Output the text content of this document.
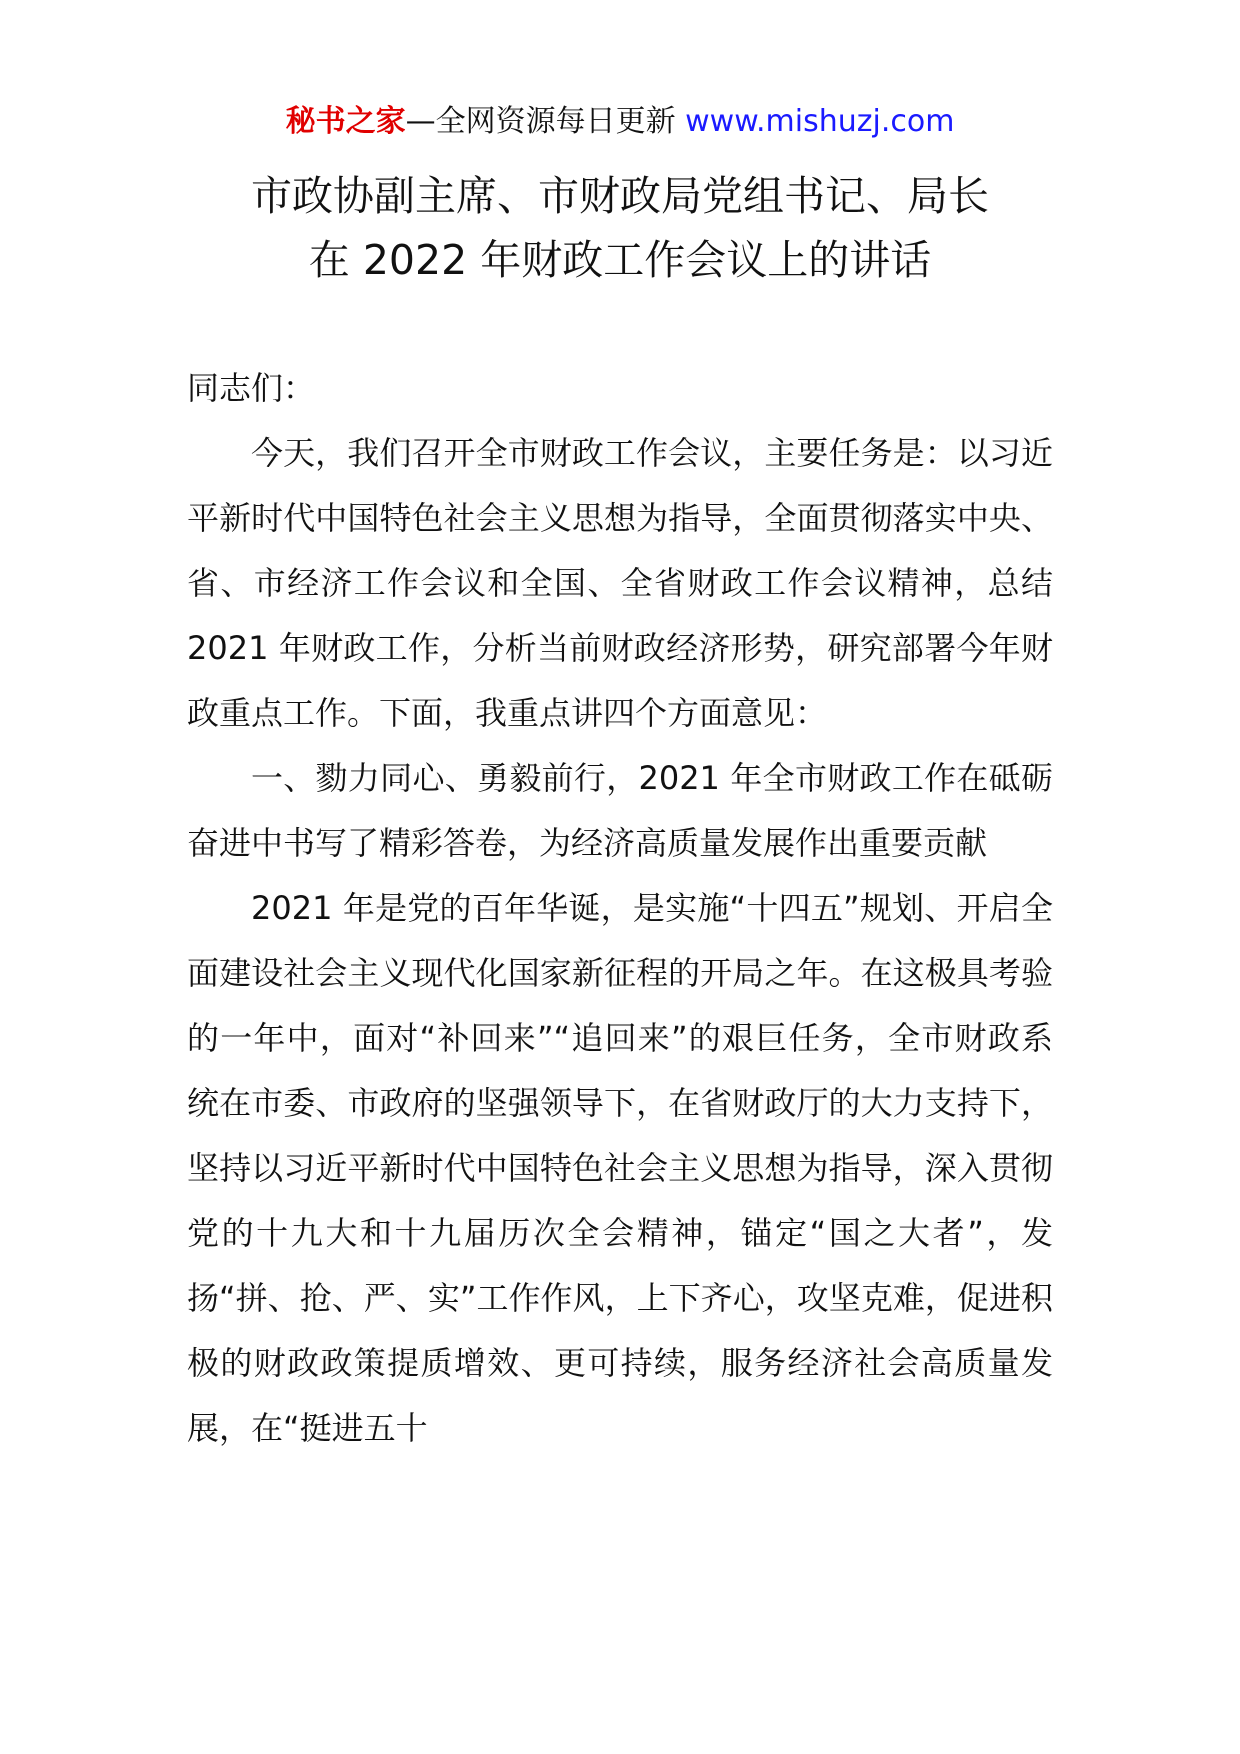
秘书之家—全网资源每日更新 www.mishuzj.com
市政协副主席、市财政局党组书记、局长
在 2022 年财政工作会议上的讲话

同志们：

今天，我们召开全市财政工作会议，主要任务是：以习近平新时代中国特色社会主义思想为指导，全面贯彻落实中央、省、市经济工作会议和全国、全省财政工作会议精神，总结 2021 年财政工作，分析当前财政经济形势，研究部署今年财政重点工作。下面，我重点讲四个方面意见：

一、勠力同心、勇毅前行，2021 年全市财政工作在砥砺奋进中书写了精彩答卷，为经济高质量发展作出重要贡献

2021 年是党的百年华诞，是实施“十四五”规划、开启全面建设社会主义现代化国家新征程的开局之年。在这极具考验的一年中，面对“补回来”“追回来”的艰巨任务，全市财政系统在市委、市政府的坚强领导下，在省财政厅的大力支持下，坚持以习近平新时代中国特色社会主义思想为指导，深入贯彻党的十九大和十九届历次全会精神，锚定“国之大者”，发扬“拼、抢、严、实”工作作风，上下齐心，攻坚克难，促进积极的财政政策提质增效、更可持续，服务经济社会高质量发展，在“挺进五十
